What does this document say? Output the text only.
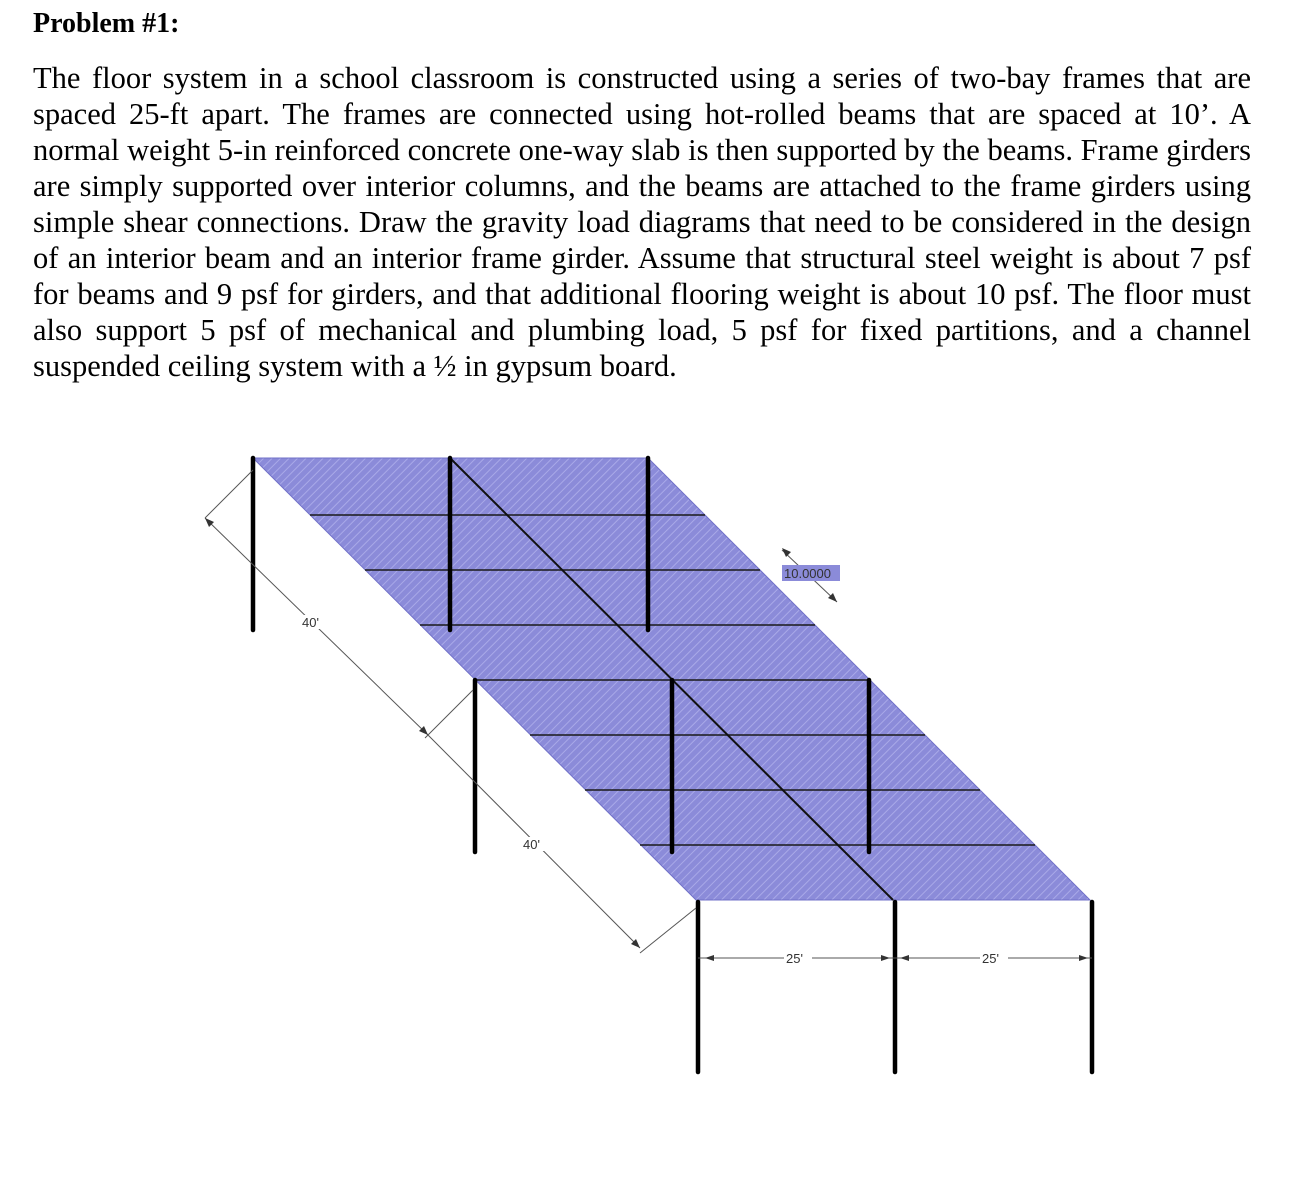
Problem #1:

The floor system in a school classroom is constructed using a series of two-bay frames that are spaced 25-ft apart. The frames are connected using hot-rolled beams that are spaced at 10’. A normal weight 5-in reinforced concrete one-way slab is then supported by the beams. Frame girders are simply supported over interior columns, and the beams are attached to the frame girders using simple shear connections. Draw the gravity load diagrams that need to be considered in the design of an interior beam and an interior frame girder. Assume that structural steel weight is about 7 psf for beams and 9 psf for girders, and that additional flooring weight is about 10 psf. The floor must also support 5 psf of mechanical and plumbing load, 5 psf for fixed partitions, and a channel suspended ceiling system with a ½ in gypsum board.

40'
40'
10.0000
25'	25'
